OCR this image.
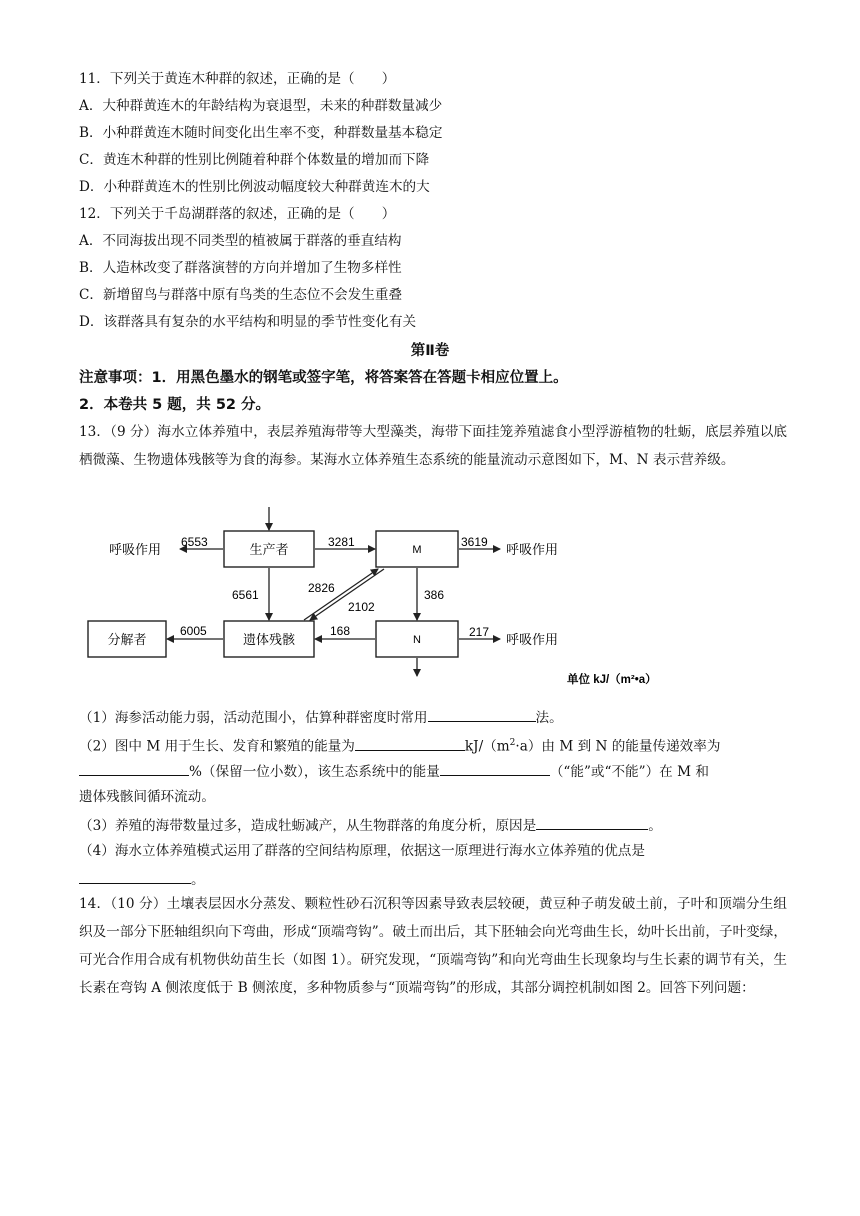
11．下列关于黄连木种群的叙述，正确的是（　　）
A．大种群黄连木的年龄结构为衰退型，未来的种群数量减少
B．小种群黄连木随时间变化出生率不变，种群数量基本稳定
C．黄连木种群的性别比例随着种群个体数量的增加而下降
D．小种群黄连木的性别比例波动幅度较大种群黄连木的大
12．下列关于千岛湖群落的叙述，正确的是（　　）
A．不同海拔出现不同类型的植被属于群落的垂直结构
B．人造林改变了群落演替的方向并增加了生物多样性
C．新增留鸟与群落中原有鸟类的生态位不会发生重叠
D．该群落具有复杂的水平结构和明显的季节性变化有关
第Ⅱ卷
注意事项：1．用黑色墨水的钢笔或签字笔，将答案答在答题卡相应位置上。
2．本卷共 5 题，共 52 分。
13．（9 分）海水立体养殖中，表层养殖海带等大型藻类，海带下面挂笼养殖滤食小型浮游植物的牡蛎，底层养殖以底栖微藻、生物遗体残骸等为食的海参。某海水立体养殖生态系统的能量流动示意图如下，M、N 表示营养级。
生产者	M
遗体残骸	N
分解者
呼吸作用	呼吸作用
呼吸作用
6553	3281	3619
6561	2826
2102
386
168	217
6005
单位 kJ/（m²•a）
（1）海参活动能力弱，活动范围小，估算种群密度时常用	法。
（2）图中 M 用于生长、发育和繁殖的能量为	$kJ/(m^2\cdot a)$由 M 到 N 的能量传递效率为
%（保留一位小数），该生态系统中的能量	（“能”或“不能”）在 M 和
遗体残骸间循环流动。
（3）养殖的海带数量过多，造成牡蛎减产，从生物群落的角度分析，原因是	。
（4）海水立体养殖模式运用了群落的空间结构原理，依据这一原理进行海水立体养殖的优点是
。
14．（10 分）土壤表层因水分蒸发、颗粒性砂石沉积等因素导致表层较硬，黄豆种子萌发破土前，子叶和顶端分生组织及一部分下胚轴组织向下弯曲，形成“顶端弯钩”。破土而出后，其下胚轴会向光弯曲生长，幼叶长出前，子叶变绿，可光合作用合成有机物供幼苗生长（如图 1）。研究发现，“顶端弯钩”和向光弯曲生长现象均与生长素的调节有关，生长素在弯钩 A 侧浓度低于 B 侧浓度，多种物质参与“顶端弯钩”的形成，其部分调控机制如图 2。回答下列问题：
